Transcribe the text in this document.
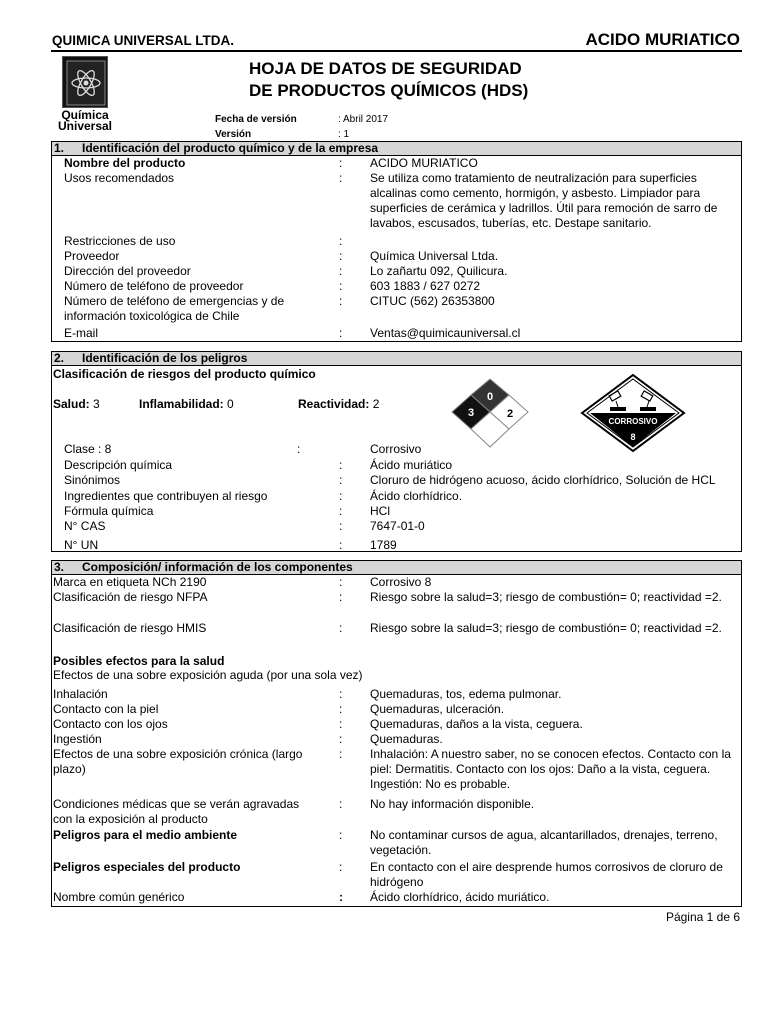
QUIMICA UNIVERSAL LTDA.	ACIDO MURIATICO
Química Universal
HOJA DE DATOS DE SEGURIDAD
DE PRODUCTOS QUÍMICOS (HDS)
Fecha de versión	: Abril 2017
Versión	: 1
1. Identificación del producto químico y de la empresa
Nombre del producto	:	ACIDO MURIATICO
Usos recomendados	:	Se utiliza como tratamiento de neutralización para superficies alcalinas como cemento, hormigón, y asbesto. Limpiador para superficies de cerámica y ladrillos. Útil para remoción de sarro de lavabos, escusados, tuberías, etc. Destape sanitario.
Restricciones de uso	:
Proveedor	:	Química Universal Ltda.
Dirección del proveedor	:	Lo zañartu 092, Quilicura.
Número de teléfono de proveedor	:	603 1883 / 627 0272
Número de teléfono de emergencias y de información toxicológica de Chile
:	CITUC (562) 26353800
E-mail	:	Ventas@quimicauniversal.cl
2. Identificación de los peligros
Clasificación de riesgos del producto químico
Salud: 3	Inflamabilidad: 0	Reactividad: 2	0
3	2
CORROSIVO
8
Clase : 8	:	Corrosivo
Descripción química	:	Ácido muriático
Sinónimos	:	Cloruro de hidrógeno acuoso, ácido clorhídrico, Solución de HCL
Ingredientes que contribuyen al riesgo	:	Ácido clorhídrico.
Fórmula química	:	HCl
N° CAS	:	7647-01-0
N° UN	:	1789
3. Composición/ información de los componentes
Marca en etiqueta NCh 2190	:	Corrosivo 8
Clasificación de riesgo NFPA	:	Riesgo sobre la salud=3; riesgo de combustión= 0; reactividad =2.
Clasificación de riesgo HMIS	:	Riesgo sobre la salud=3; riesgo de combustión= 0; reactividad =2.
Posibles efectos para la salud
Efectos de una sobre exposición aguda (por una sola vez)
Inhalación	:	Quemaduras, tos, edema pulmonar.
Contacto con la piel	:	Quemaduras, ulceración.
Contacto con los ojos	:	Quemaduras, daños a la vista, ceguera.
Ingestión	:	Quemaduras.
Efectos de una sobre exposición crónica (largo plazo)
:	Inhalación: A nuestro saber, no se conocen efectos. Contacto con la piel: Dermatitis. Contacto con los ojos: Daño a la vista, ceguera. Ingestión: No es probable.
Condiciones médicas que se verán agravadas con la exposición al producto
:	No hay información disponible.
Peligros para el medio ambiente	:	No contaminar cursos de agua, alcantarillados, drenajes, terreno, vegetación.
Peligros especiales del producto	:	En contacto con el aire desprende humos corrosivos de cloruro de hidrógeno
Nombre común genérico	:	Ácido clorhídrico, ácido muriático.
Página 1 de 6
